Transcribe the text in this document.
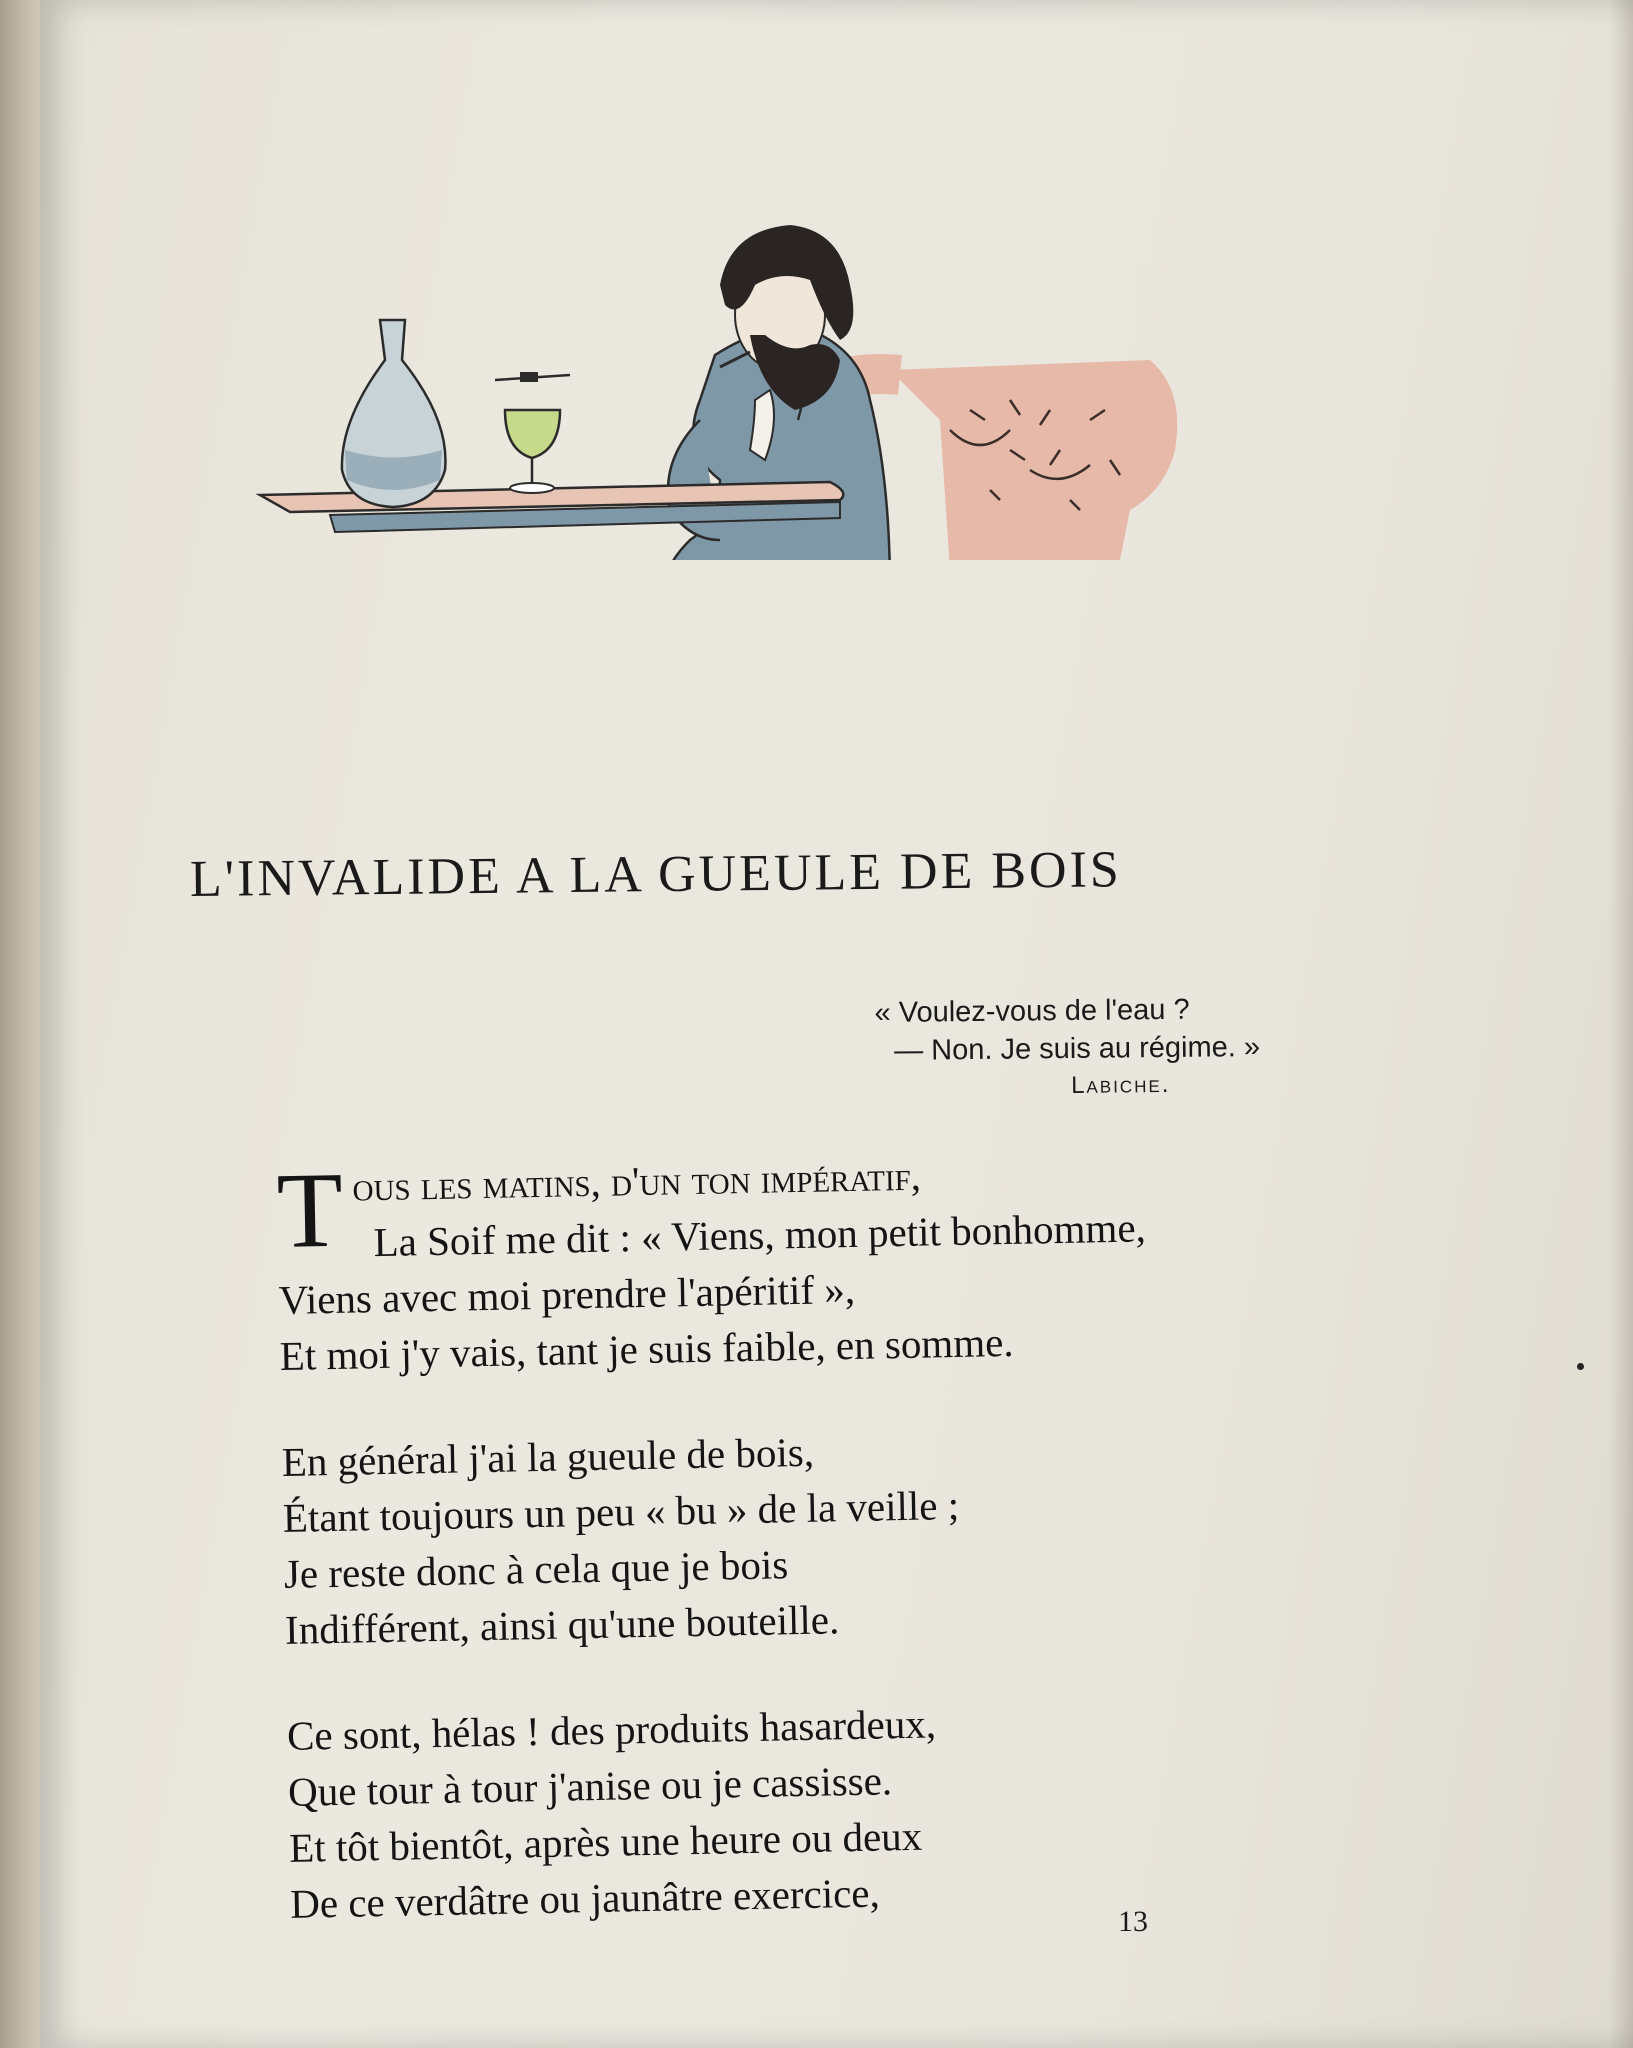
L'INVALIDE A LA GUEULE DE BOIS
« Voulez-vous de l'eau ?
— Non. Je suis au régime. »
Labiche.
T ous les matins, d'un ton impératif,
La Soif me dit : « Viens, mon petit bonhomme,
Viens avec moi prendre l'apéritif »,
Et moi j'y vais, tant je suis faible, en somme.
En général j'ai la gueule de bois,
Étant toujours un peu « bu » de la veille ;
Je reste donc à cela que je bois
Indifférent, ainsi qu'une bouteille.
Ce sont, hélas ! des produits hasardeux,
Que tour à tour j'anise ou je cassisse.
Et tôt bientôt, après une heure ou deux
De ce verdâtre ou jaunâtre exercice,	13
